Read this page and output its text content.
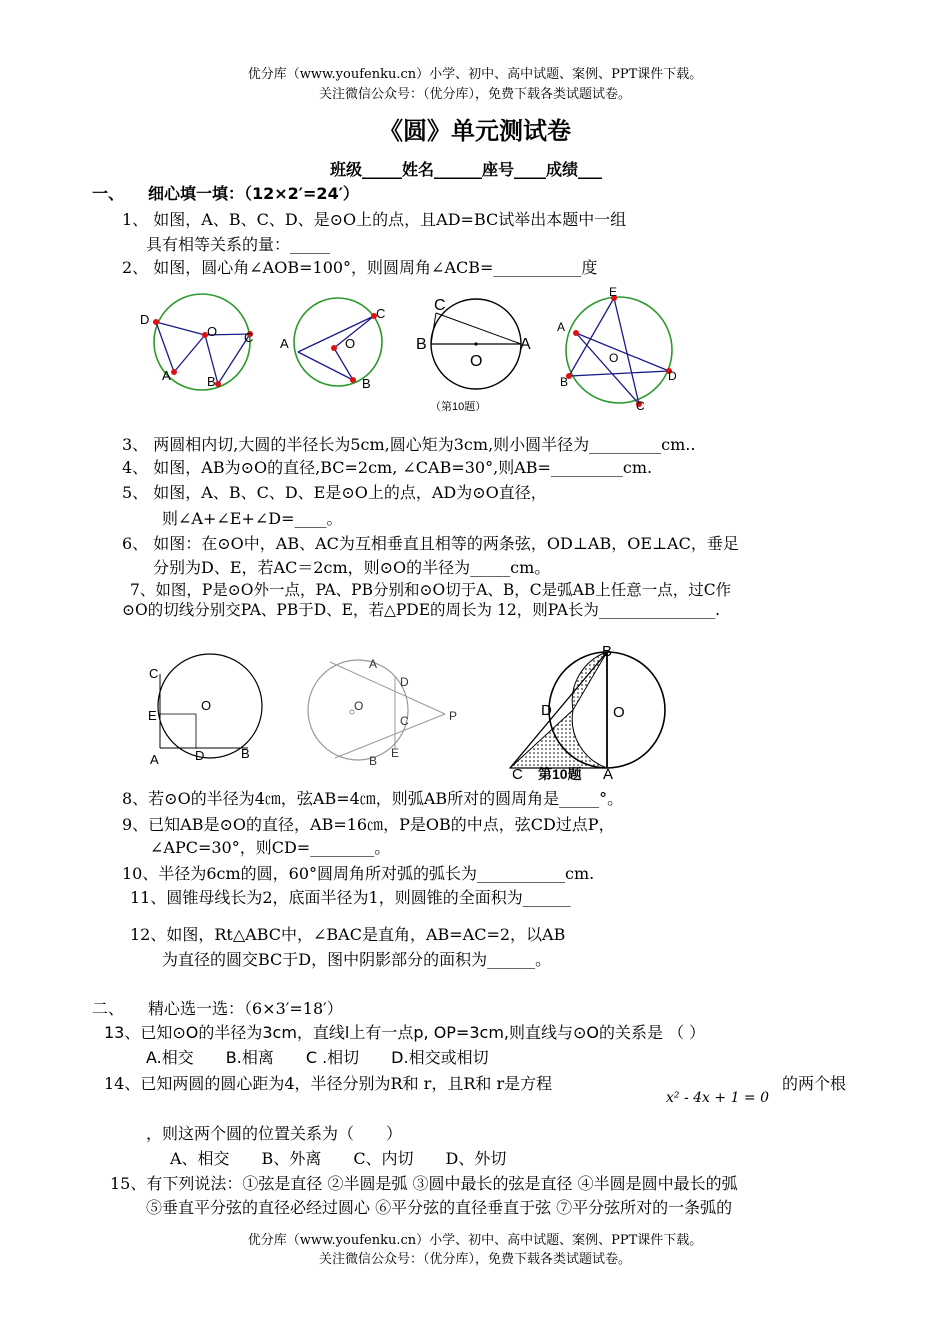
优分库（www.youfenku.cn）小学、初中、高中试题、案例、PPT课件下载。
关注微信公众号：（优分库），免费下载各类试题试卷。
《圆》单元测试卷
班级_____姓名______座号____成绩___
一、　　细心填一填：（12×2′=24′）
1、 如图，A、B、C、D、是⊙O上的点，且AD=BC试举出本题中一组
具有相等关系的量：_____
2、 如图，圆心角∠AOB=100°，则圆周角∠ACB=___________度
D
O C
A	B
A	O
C
B
C
B
O
A
（第10题）
E
A
O
B	D
C
3、 两圆相内切,大圆的半径长为5cm,圆心矩为3cm,则小圆半径为_________cm..
4、 如图，AB为⊙O的直径,BC=2cm, ∠CAB=30°,则AB=_________cm.
5、 如图，A、B、C、D、E是⊙O上的点，AD为⊙O直径，
则∠A+∠E+∠D=____。
6、 如图：在⊙O中，AB、AC为互相垂直且相等的两条弦，OD⊥AB，OE⊥AC，垂足
分别为D、E，若AC＝2cm，则⊙O的半径为_____cm。
7、如图，P是⊙O外一点，PA、PB分别和⊙O切于A、B，C是弧AB上任意一点，过C作
⊙O的切线分别交PA、PB于D、E，若△PDE的周长为 12，则PA长为_______________.
C
O
E
A	D	B
A
D
O
C	P
E
B
B
D	O
C	A
第10题
8、若⊙O的半径为4㎝，弦AB=4㎝，则弧AB所对的圆周角是_____°。
9、已知AB是⊙O的直径，AB=16㎝，P是OB的中点，弦CD过点P，
∠APC=30°，则CD=________。
10、半径为6cm的圆，60°圆周角所对弧的弧长为___________cm.
11、圆锥母线长为2，底面半径为1，则圆锥的全面积为______
12、如图，Rt△ABC中，∠BAC是直角，AB=AC=2，以AB
为直径的圆交BC于D，图中阴影部分的面积为______。
二、　　精心选一选：（6×3′=18′）
13、已知⊙O的半径为3cm，直线l上有一点p, OP=3cm,则直线与⊙O的关系是 （ ）
A.相交　　B.相离　　C .相切　　D.相交或相切
14、已知两圆的圆心距为4，半径分别为R和 r，且R和 r是方程
x² - 4x + 1 = 0
的两个根
，则这两个圆的位置关系为（　　）
A、相交　　B、外离　　C、内切　　D、外切
15、有下列说法：①弦是直径 ②半圆是弧 ③圆中最长的弦是直径 ④半圆是圆中最长的弧
⑤垂直平分弦的直径必经过圆心 ⑥平分弦的直径垂直于弦 ⑦平分弦所对的一条弧的
优分库（www.youfenku.cn）小学、初中、高中试题、案例、PPT课件下载。
关注微信公众号：（优分库），免费下载各类试题试卷。
